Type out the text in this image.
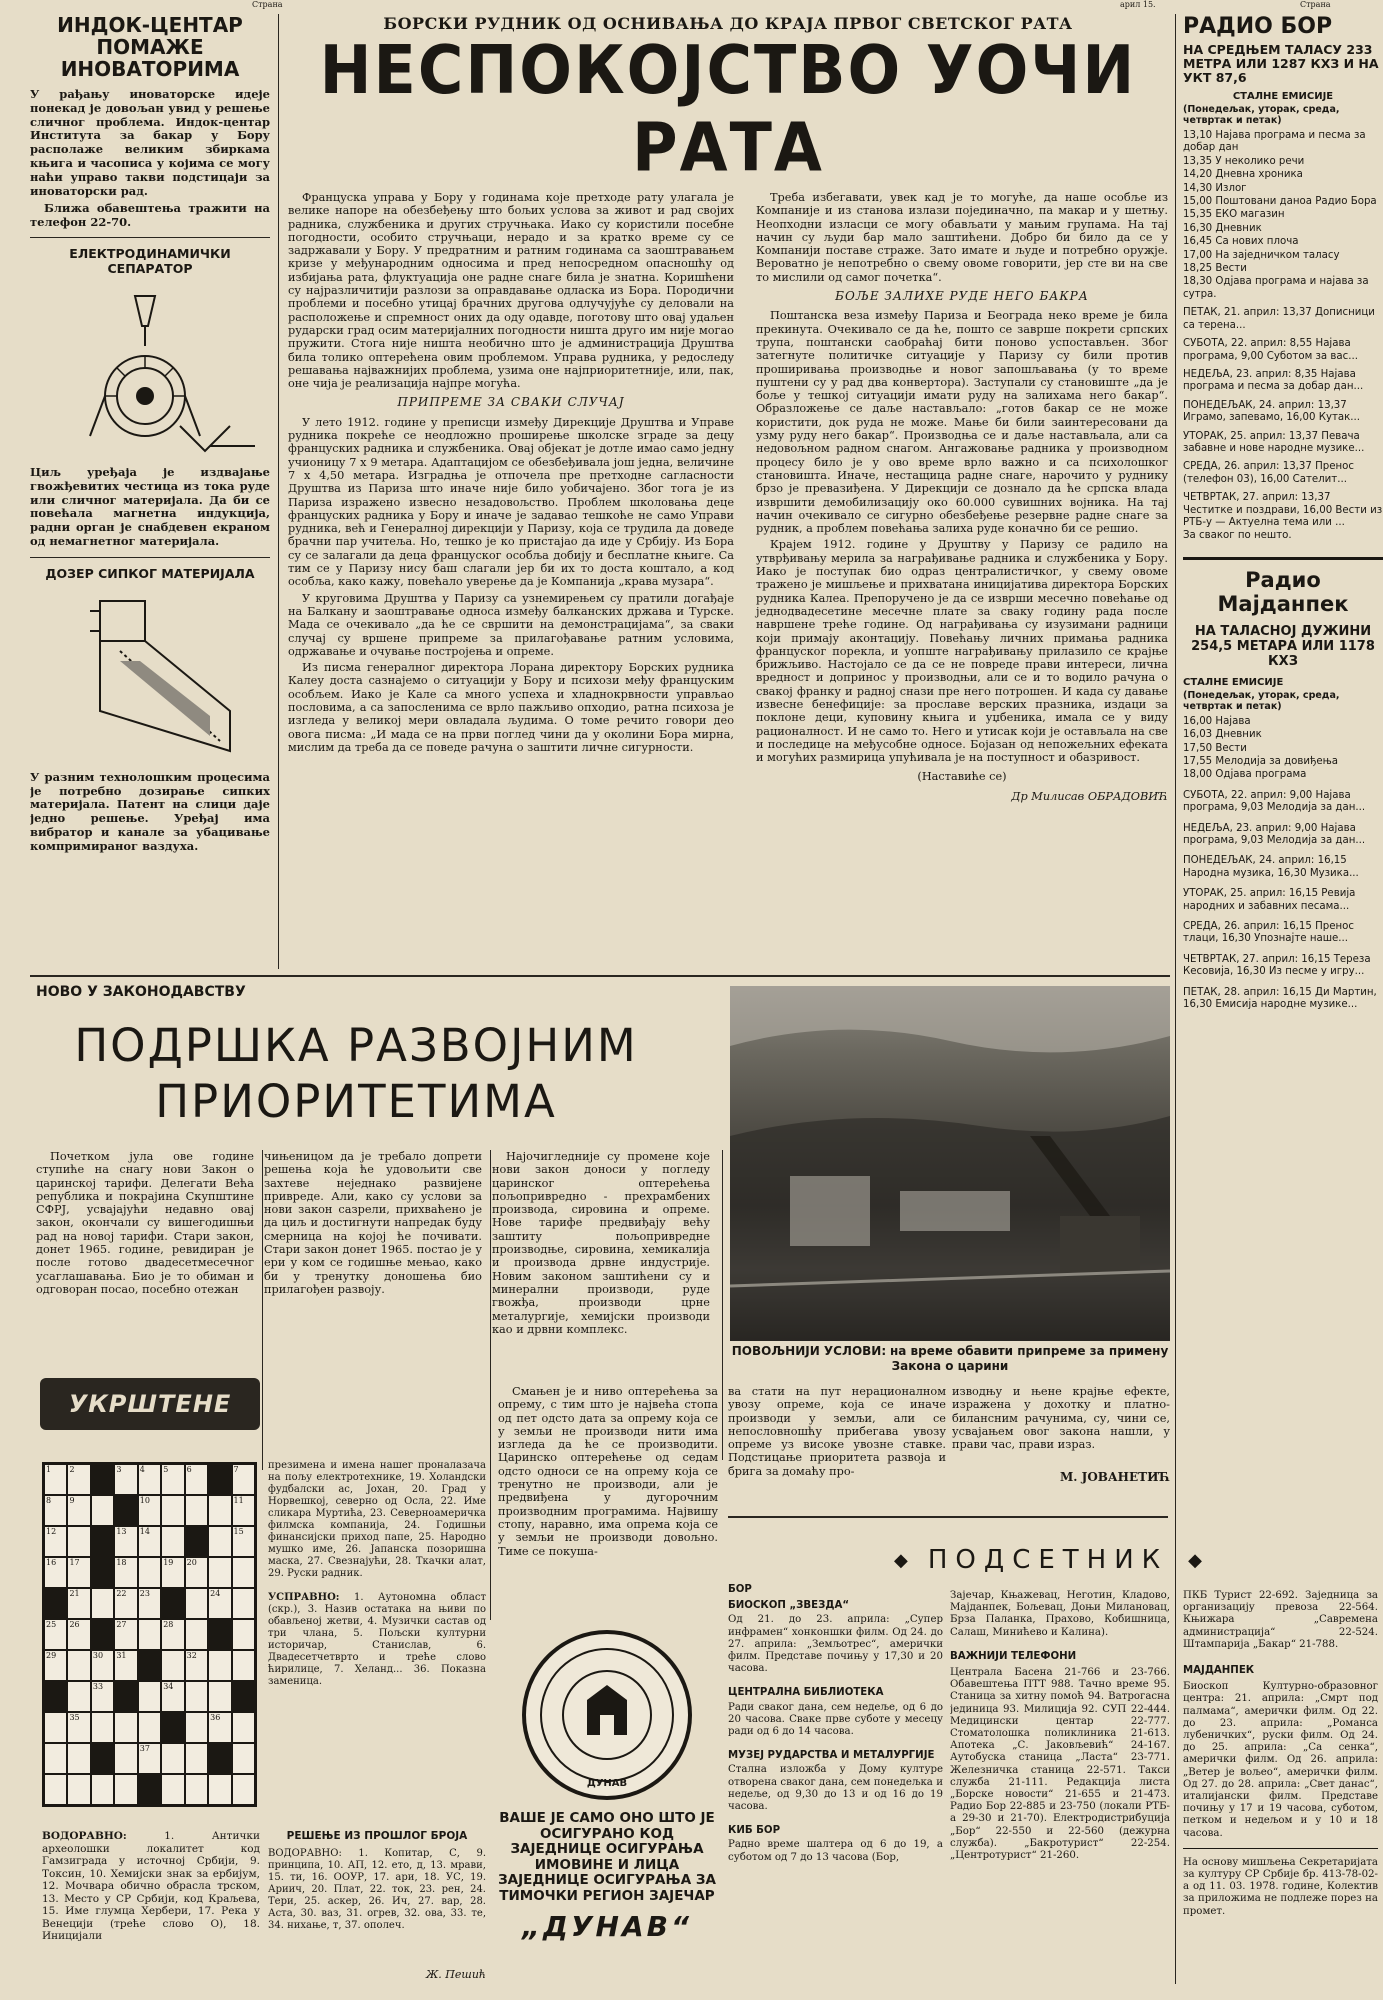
Страна	арил 15.	Страна
ИНДОК-ЦЕНТАР ПОМАЖЕ ИНОВАТОРИМА
У рађању иноваторске идеје понекад је довољан увид у решење сличног проблема. Индок-центар Института за бакар у Бору располаже великим збиркама књига и часописа у којима се могу наћи управо такви подстицаји за иноваторски рад.
Ближа обавештења тражити на телефон 22-70.
ЕЛЕКТРОДИНАМИЧКИ СЕПАРАТОР
Циљ уређаја је издвајање гвожђевитих честица из тока руде или сличног материјала. Да би се повећала магнетна индукција, радни орган је снабдевен екраном од немагнетног материјала.
ДОЗЕР СИПКОГ МАТЕРИЈАЛА
У разним технолошким процесима је потребно дозирање сипких материјала. Патент на слици даје једно решење. Уређај има вибратор и канале за убацивање компримираног ваздуха.
БОРСКИ РУДНИК ОД ОСНИВАЊА ДО КРАЈА ПРВОГ СВЕТСКОГ РАТА
НЕСПОКОЈСТВО УОЧИ РАТА

Француска управа у Бору у годинама које претходе рату улагала је велике напоре на обезбеђењу што бољих услова за живот и рад својих радника, службеника и других стручњака. Иако су користили посебне погодности, особито стручњаци, нерадо и за кратко време су се задржавали у Бору. У предратним и ратним годинама са заоштравањем кризе у међународним односима и пред непосредном опасношћу од избијања рата, флуктуација оне радне снаге била је знатна. Коришћени су најразличитији разлози за оправдавање одласка из Бора. Породични проблеми и посебно утицај брачних другова одлучујуће су деловали на расположење и спремност оних да оду одавде, поготову што овај удаљен рударски град осим материјалних погодности ништа друго им није могао пружити. Стога није ништа необично што је администрација Друштва била толико оптерећена овим проблемом. Управа рудника, у редоследу решавања најважнијих проблема, узима оне најприоритетније, или, пак, оне чија је реализација најпре могућа.

ПРИПРЕМЕ ЗА СВАКИ СЛУЧАЈ

У лето 1912. године у преписци између Дирекције Друштва и Управе рудника покреће се неодложно проширење школске зграде за децу француских радника и службеника. Овај објекат је дотле имао само једну учионицу 7 х 9 метара. Адаптацијом се обезбеђивала још једна, величине 7 х 4,50 метара. Изградња је отпочела пре претходне сагласности Друштва из Париза што иначе није било уобичајено. Због тога је из Париза изражено извесно незадовољство. Проблем школовања деце француских радника у Бору и иначе је задавао тешкоће не само Управи рудника, већ и Генералној дирекцији у Паризу, која се трудила да доведе брачни пар учитеља. Но, тешко је ко пристајао да иде у Србију. Из Бора су се залагали да деца француског особља добију и бесплатне књиге. Са тим се у Паризу нису баш слагали јер би их то доста коштало, а код особља, како кажу, повећало уверење да је Компанија „крава музара“.

У круговима Друштва у Паризу са узнемирењем су пратили догађаје на Балкану и заоштравање односа између балканских држава и Турске. Мада се очекивало „да ће се свршити на демонстрацијама“, за сваки случај су вршене припреме за прилагођавање ратним условима, одржавање и очување постројења и опреме.

Из писма генералног директора Лорана директору Борских рудника Калеу доста сазнајемо о ситуацији у Бору и психози међу француским особљем. Иако је Кале са много успеха и хладнокрвности управљао пословима, а са запосленима се врло пажљиво опходио, ратна психоза је изгледа у великој мери овладала људима. О томе речито говори део овога писма: „И мада се на први поглед чини да у околини Бора мирна, мислим да треба да се поведе рачуна о заштити личне сигурности.

Треба избегавати, увек кад је то могуће, да наше особље из Компаније и из станова излази појединачно, па макар и у шетњу. Неопходни изласци се могу обављати у мањим групама. На тај начин су људи бар мало заштићени. Добро би било да се у Компанији поставе страже. Зато имате и људе и потребно оружје. Вероватно је непотребно о свему овоме говорити, јер сте ви на све то мислили од самог почетка“.

БОЉЕ ЗАЛИХЕ РУДЕ НЕГО БАКРА

Поштанска веза између Париза и Београда неко време је била прекинута. Очекивало се да ће, пошто се заврше покрети српских трупа, поштански саобраћај бити поново успостављен. Због затегнуте политичке ситуације у Паризу су били против проширивања производње и новог запошљавања (у то време пуштени су у рад два конвертора). Заступали су становиште „да је боље у тешкој ситуацији имати руду на залихама него бакар“. Образложење се даље настављало: „готов бакар се не може користити, док руда не може. Мање би били заинтересовани да узму руду него бакар“. Производња се и даље настављала, али са недовољном радном снагом. Ангажовање радника у производном процесу било је у ово време врло важно и са психолошког становишта. Иначе, нестащица радне снаге, нарочито у руднику брзо је превазиђена. У Дирекцији се дознало да ће српска влада извршити демобилизацију око 60.000 сувишних војника. На тај начин очекивало се сигурно обезбеђење резервне радне снаге за рудник, а проблем повећања залиха руде коначно би се решио.

Крајем 1912. године у Друштву у Паризу се радило на утврђивању мерила за награђивање радника и службеника у Бору. Иако је поступак био одраз централистичког, у свему овоме тражено је мишљење и прихватана иницијатива директора Борских рудника Калеа. Препоручено је да се изврши месечно повећање од једнодвадесетине месечне плате за сваку годину рада после навршене треће године. Од награђивања су изузимани радници који примају аконтацију. Повећању личних примања радника француског порекла, и уопште награђивању прилазило се крајње брижљиво. Настојало се да се не повреде прави интереси, лична вредност и допринос у производњи, али се и то водило рачуна о свакој франку и радној снази пре него потрошен. И када су давање извесне бенефиције: за прославе верских празника, издаци за поклоне деци, куповину књига и уџбеника, имала се у виду рационалност. И не само то. Него и утисак који је остављала на све и последице на међусобне односе. Бојазан од непожељних ефеката и могућих размирица упућивала је на поступност и обазривост.

(Наставиће се)
Др Милисав ОБРАДОВИЋ
РАДИО БОР
НА СРЕДЊЕМ ТАЛАСУ 233 МЕТРА ИЛИ 1287 КХЗ И НА УКТ 87,6
СТАЛНЕ ЕМИСИЈЕ
(Понедељак, уторак, среда, четвртак и петак)
13,10 Најава програма и песма за добар дан
13,35 У неколико речи
14,20 Дневна хроника
14,30 Излог
15,00 Поштовани даноа Радио Бора
15,35 ЕКО магазин
16,30 Дневник
16,45 Са нових плоча
17,00 На заједничком таласу
18,25 Вести
18,30 Одјава програма и најава за сутра.
ПЕТАК, 21. април: 13,37 Дописници са терена...
СУБОТА, 22. април: 8,55 Најава програма, 9,00 Суботом за вас...
НЕДЕЉА, 23. април: 8,35 Најава програма и песма за добар дан...
ПОНЕДЕЉАК, 24. април: 13,37 Играмо, запевамо, 16,00 Кутак...
УТОРАК, 25. април: 13,37 Певача забавне и нове народне музике...
СРЕДА, 26. април: 13,37 Пренос (телефон 03), 16,00 Сателит...
ЧЕТВРТАК, 27. април: 13,37 Честитке и поздрави, 16,00 Вести из РТБ-у — Актуелна тема или ...
За сваког по нешто.
Радио Мајданпек
НА ТАЛАСНОЈ ДУЖИНИ 254,5 МЕТАРА ИЛИ 1178 КХЗ
СТАЛНЕ ЕМИСИЈЕ
(Понедељак, уторак, среда, четвртак и петак)
16,00 Најава
16,03 Дневник
17,50 Вести
17,55 Мелодија за довиђења
18,00 Одјава програма
СУБОТА, 22. април: 9,00 Најава програма, 9,03 Мелодија за дан...
НЕДЕЉА, 23. април: 9,00 Најава програма, 9,03 Мелодија за дан...
ПОНЕДЕЉАК, 24. април: 16,15 Народна музика, 16,30 Музика...
УТОРАК, 25. април: 16,15 Ревија народних и забавних песама...
СРЕДА, 26. април: 16,15 Пренос тлаци, 16,30 Упознајте наше...
ЧЕТВРТАК, 27. април: 16,15 Тереза Кесовија, 16,30 Из песме у игру...
ПЕТАК, 28. април: 16,15 Ди Мартин, 16,30 Емисија народне музике...
НОВО У ЗАКОНОДАВСТВУ
ПОДРШКА РАЗВОЈНИМ ПРИОРИТЕТИМА
Почетком јула ове године ступиће на снагу нови Закон о царинској тарифи. Делегати Већа република и покрајина Скупштине СФРЈ, усвајајући недавно овај закон, окончали су вишегодишњи рад на новој тарифи. Стари закон, донет 1965. године, ревидиран је после готово двадесетмесечног усаглашавања. Био је то обиман и одговоран посао, посебно отежан
чињеницом да је требало допрети решења која ће удовољити све захтеве неједнако развијене привреде. Али, како су услови за нови закон сазрели, прихваћено је да циљ и достигнути напредак буду смерница на којој ће почивати. Стари закон донет 1965. постао је у ери у ком се годишње мењао, како би у тренутку доношења био прилагођен развоју.
Најочигледније су промене које нови закон доноси у погледу царинског оптерећења пољопривредно - прехрамбених производа, сировина и опреме. Нове тарифе предвиђају већу заштиту пољопривредне производње, сировина, хемикалија и производа дрвне индустрије. Новим законом заштићени су и минерални производи, руде гвожђа, производи црне металургије, хемијски производи као и дрвни комплекс.
ПОВОЉНИЈИ УСЛОВИ: на време обавити припреме за примену Закона о царини
Смањен је и ниво оптерећења за опрему, с тим што је највећа стопа од пет одсто дата за опрему која се у земљи не производи нити има изгледа да ће се производити. Царинско оптерећење од седам одсто односи се на опрему која се тренутно не производи, али је предвиђена у дугорочним производним програмима. Највишу стопу, наравно, има опрема која се у земљи не производи довољно. Тиме се покуша-
ва стати на пут нерационалном увозу опреме, која се иначе производи у земљи, али се непословношћу прибегава увозу опреме уз високе увозне ставке. Подстицање приоритета развоја и брига за домаћу про-
изводњу и њене крајње ефекте, изражена у дохотку и платно-билансним рачунима, су, чини се, усвајањем овог закона нашли, у прави час, прави израз.
М. ЈОВАНЕТИЋ
УКРШТЕНЕ
1	2	3	4	5	6	7
8	9	10	11
12	13	14	15
16	17	18	19	20
21	22	23	24
25	26	27	28
29	30	31	32
33	34
35	36
37
презимена и имена нашег проналазача на пољу електротехнике, 19. Холандски фудбалски ас, Јохан, 20. Град у Норвешкој, северно од Осла, 22. Име сликара Муртића, 23. Северноамеричка филмска компанија, 24. Годишњи финансијски приход папе, 25. Народно мушко име, 26. Јапанска позоришна маска, 27. Свезнајући, 28. Ткачки алат, 29. Руски радник.
УСПРАВНО: 1. Аутономна област (скр.), 3. Назив остатака на њиви по обављеној жетви, 4. Музички састав од три члана, 5. Пољски културни историчар, Станислав, 6. Двадесетчетврто и треће слово ћирилице, 7. Хеланд... 36. Показна заменица.
ВОДОРАВНО:	1. Антички археолошки локалитет код Гамзиграда у источној Србији, 9. Токсин, 10. Хемијски знак за ербијум, 12. Мочвара обично обрасла трском, 13. Место у СР Србији, код Краљева, 15. Име глумца Хербери, 17. Река у Венецији (треће слово О), 18. Иницијали
РЕШЕЊЕ ИЗ ПРОШЛОГ БРОЈА
ВОДОРАВНО: 1. Копитар, С, 9. принципа, 10. АП, 12. ето, д, 13. мрави, 15. ти, 16. ООУР, 17. ари, 18. УС, 19. Ариич, 20. Плат, 22. ток, 23. рен, 24. Тери, 25. аскер, 26. Ич, 27. вар, 28. Аста, 30. ваз, 31. огрев, 32. ова, 33. те, 34. нихање, т, 37. ополеч.
Ж. Пешић
ДУНАВ
ВАШЕ ЈЕ САМО ОНО ШТО ЈЕ ОСИГУРАНО КОД ЗАЈЕДНИЦЕ ОСИГУРАЊА ИМОВИНЕ И ЛИЦА ЗАЈЕДНИЦЕ ОСИГУРАЊА ЗА ТИМОЧКИ РЕГИОН ЗАЈЕЧАР
„ДУНАВ“
◆ ПОДСЕТНИК ◆
БОР
БИОСКОП „ЗВЕЗДА“
Од 21. до 23. априла: „Супер инфрамен“ хонконшки филм. Од 24. до 27. априла: „Земљотрес“, амерички филм. Представе почињу у 17,30 и 20 часова.
ЦЕНТРАЛНА БИБЛИОТЕКА
Ради сваког дана, сем недеље, од 6 до 20 часова. Сваке прве суботе у месецу ради од 6 до 14 часова.
МУЗЕЈ РУДАРСТВА И МЕТАЛУРГИЈЕ
Стална изложба у Дому културе отворена сваког дана, сем понедељка и недеље, од 9,30 до 13 и од 16 до 19 часова.
КИБ БОР
Радно време шалтера од 6 до 19, а суботом од 7 до 13 часова (Бор,
Зајечар, Књажевац, Неготин, Кладово, Мајданпек, Бољевац, Доњи Милановац, Брза Паланка, Прахово, Кобишница, Салаш, Минићево и Калина).
ВАЖНИЈИ ТЕЛЕФОНИ
Централа Басена 21-766 и 23-766. Обавештења ПТТ 988. Тачно време 95. Станица за хитну помоћ 94. Ватрогасна јединица 93. Милиција 92. СУП 22-444. Медицински центар 22-777. Стоматолошка поликлиника 21-613. Апотека „С. Јаковљевић“ 24-167. Аутобуска станица „Ласта“ 23-771. Железничка станица 22-571. Такси службa 21-111. Редакција листа „Борске новости“ 21-655 и 21-473. Радио Бор 22-885 и 23-750 (локали РТБ-а 29-30 и 21-70). Електродистрибуција „Бор“ 22-550 и 22-560 (дежурна служба). „Бакротурист“ 22-254. „Центротурист“ 21-260.
ПКБ Турист 22-692. Заједница за организацију превоза 22-564. Књижара „Савремена администрација“ 22-524. Штампарија „Бакар“ 21-788.
МАЈДАНПЕК
Биоскоп Културно-образовног центра: 21. априла: „Смрт под палмама“, амерички филм. Од 22. до 23. априла: „Романса лубеничких“, руски филм. Од 24. до 25. априла: „Са сенка“, амерички филм. Од 26. априла: „Ветер је вољео“, амерички филм. Од 27. до 28. априла: „Свет данас“, италијански филм. Представе почињу у 17 и 19 часова, суботом, петком и недељом и у 10 и 18 часова.
На основу мишљења Секретаријата за културу СР Србије бр. 413-78-02-а од 11. 03. 1978. године, Колектив за приложима не подлеже порез на промет.
